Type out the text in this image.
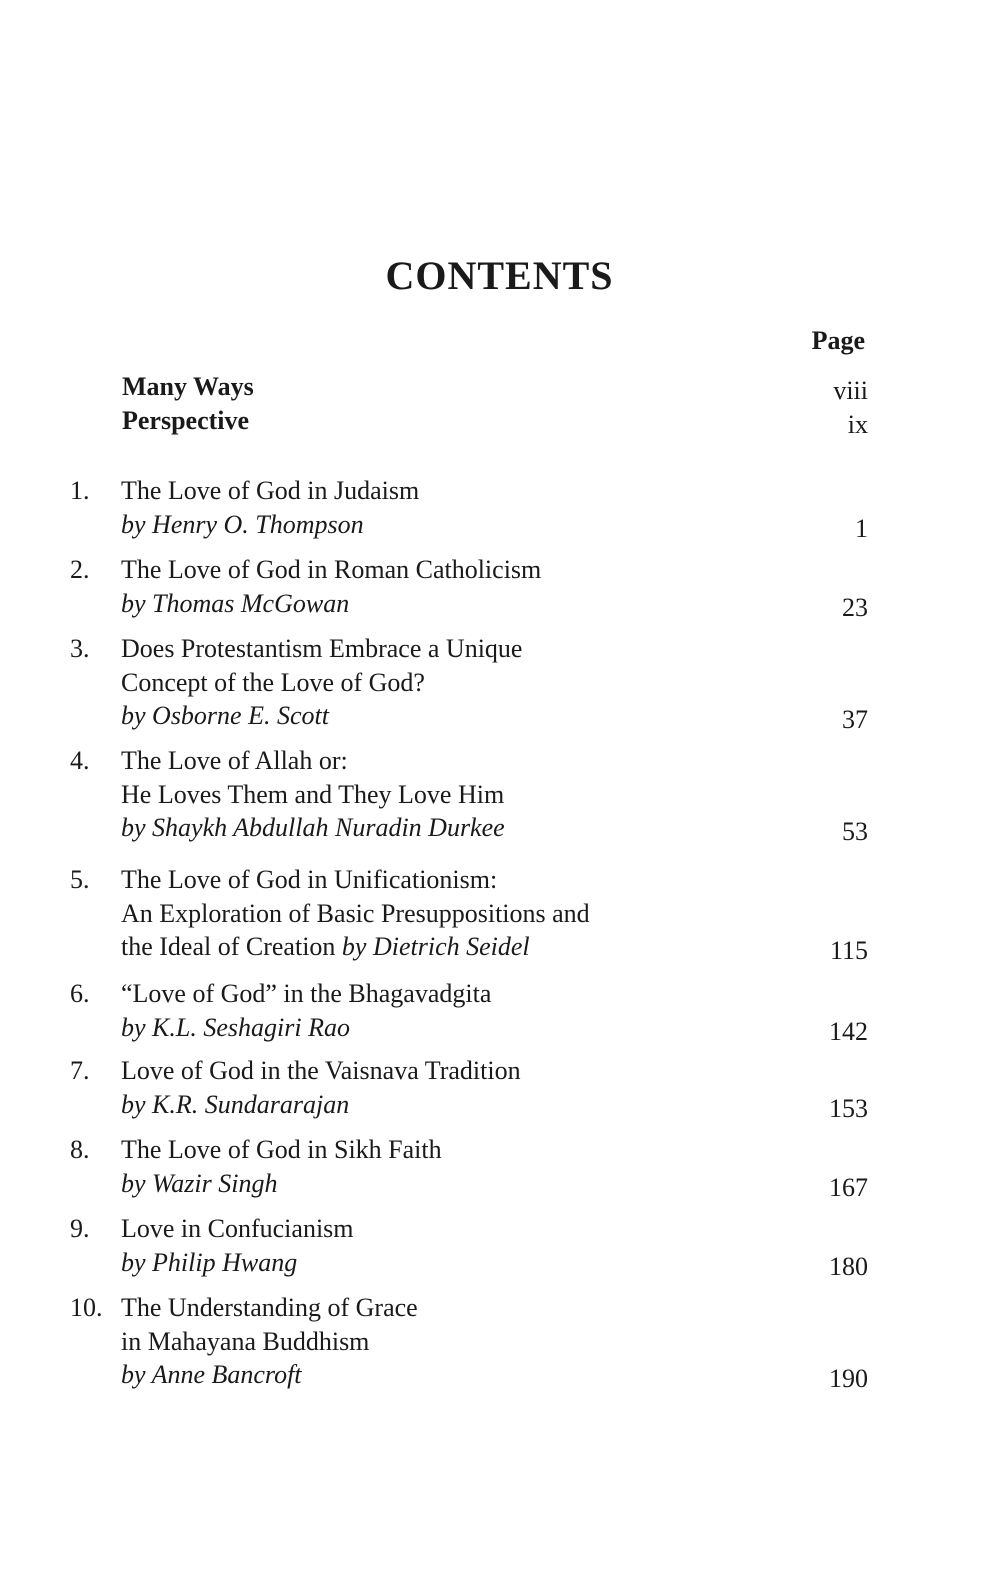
CONTENTS
Page
Many Ways	viii
Perspective	ix
1. The Love of God in Judaism
by Henry O. Thompson	1
2. The Love of God in Roman Catholicism
by Thomas McGowan	23
3. Does Protestantism Embrace a Unique
Concept of the Love of God?
by Osborne E. Scott	37
4. The Love of Allah or:
He Loves Them and They Love Him
by Shaykh Abdullah Nuradin Durkee	53
5. The Love of God in Unificationism:
An Exploration of Basic Presuppositions and
the Ideal of Creation by Dietrich Seidel	115
6. “Love of God” in the Bhagavadgita
by K.L. Seshagiri Rao	142
7. Love of God in the Vaisnava Tradition
by K.R. Sundararajan	153
8. The Love of God in Sikh Faith
by Wazir Singh	167
9. Love in Confucianism
by Philip Hwang	180
10. The Understanding of Grace
in Mahayana Buddhism
by Anne Bancroft	190
